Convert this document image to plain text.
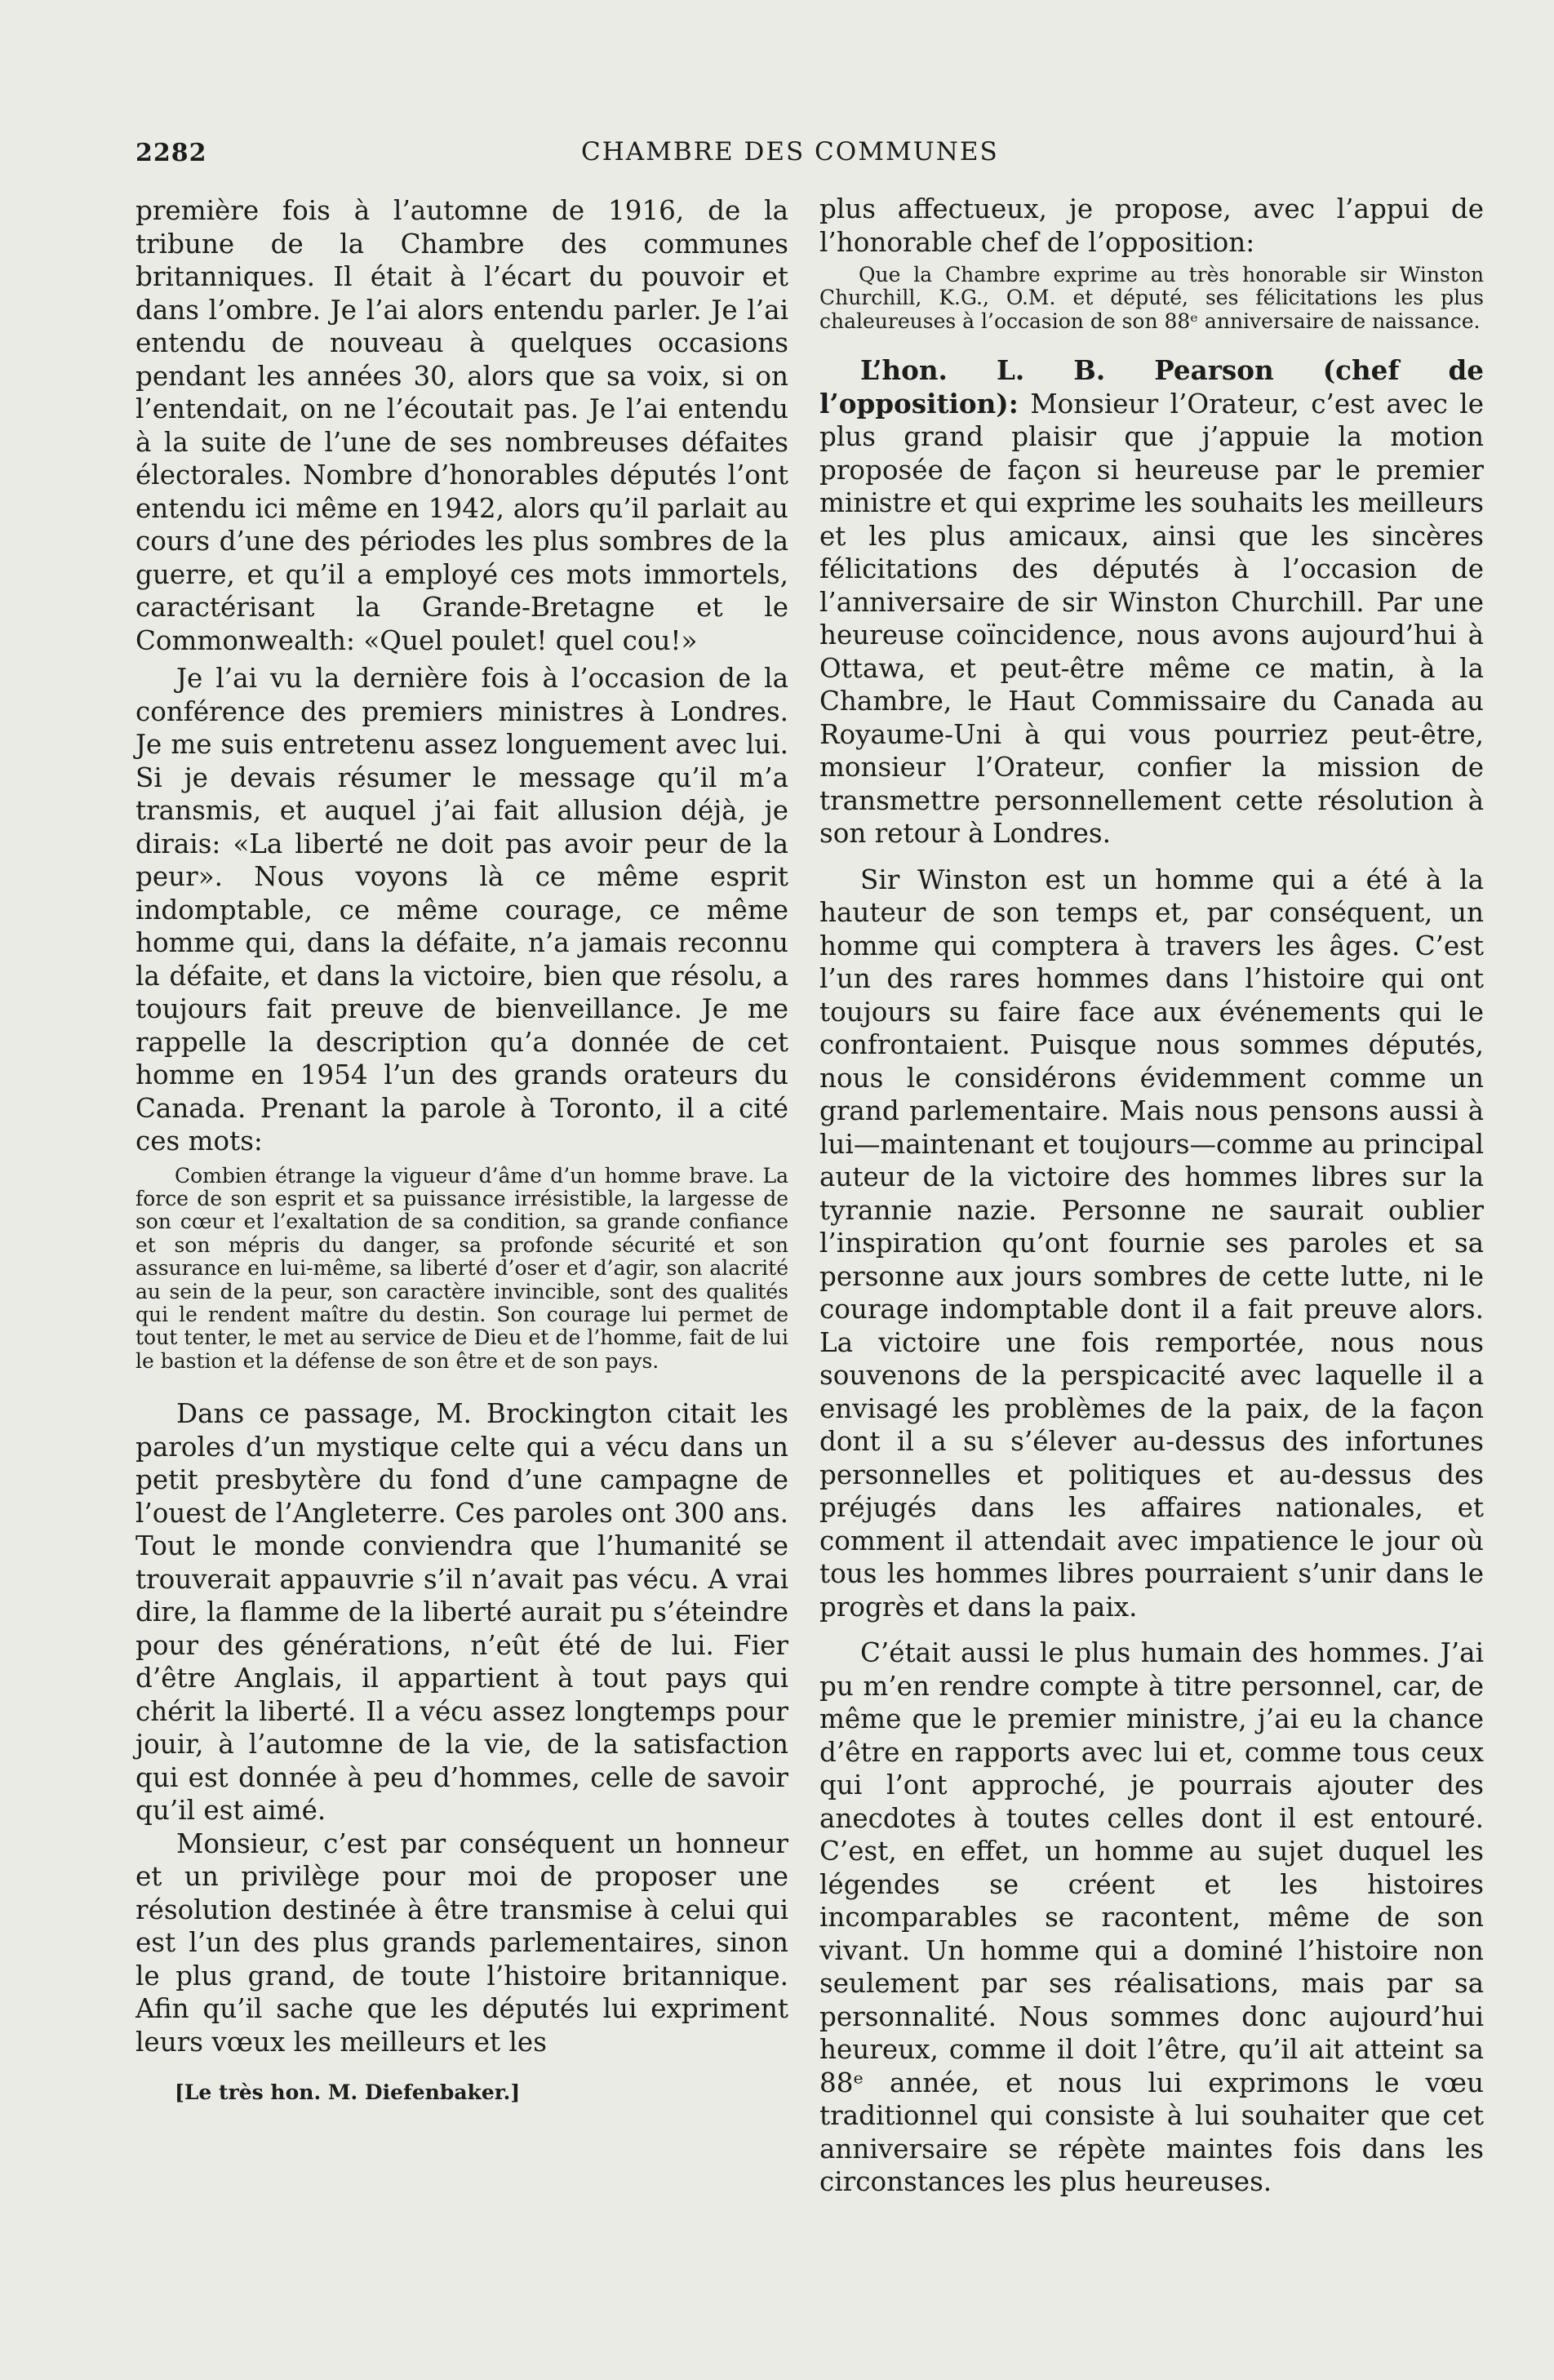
2282	CHAMBRE DES COMMUNES

première fois à l’automne de 1916, de la tribune de la Chambre des communes britanniques. Il était à l’écart du pouvoir et dans l’ombre. Je l’ai alors entendu parler. Je l’ai entendu de nouveau à quelques occasions pendant les années 30, alors que sa voix, si on l’entendait, on ne l’écoutait pas. Je l’ai entendu à la suite de l’une de ses nombreuses défaites électorales. Nombre d’honorables députés l’ont entendu ici même en 1942, alors qu’il parlait au cours d’une des périodes les plus sombres de la guerre, et qu’il a employé ces mots immortels, caractérisant la Grande-Bretagne et le Commonwealth: «Quel poulet! quel cou!»

Je l’ai vu la dernière fois à l’occasion de la conférence des premiers ministres à Londres. Je me suis entretenu assez longuement avec lui. Si je devais résumer le message qu’il m’a transmis, et auquel j’ai fait allusion déjà, je dirais: «La liberté ne doit pas avoir peur de la peur». Nous voyons là ce même esprit indomptable, ce même courage, ce même homme qui, dans la défaite, n’a jamais reconnu la défaite, et dans la victoire, bien que résolu, a toujours fait preuve de bienveillance. Je me rappelle la description qu’a donnée de cet homme en 1954 l’un des grands orateurs du Canada. Prenant la parole à Toronto, il a cité ces mots:

Combien étrange la vigueur d’âme d’un homme brave. La force de son esprit et sa puissance irrésistible, la largesse de son cœur et l’exaltation de sa condition, sa grande confiance et son mépris du danger, sa profonde sécurité et son assurance en lui-même, sa liberté d’oser et d’agir, son alacrité au sein de la peur, son caractère invincible, sont des qualités qui le rendent maître du destin. Son courage lui permet de tout tenter, le met au service de Dieu et de l’homme, fait de lui le bastion et la défense de son être et de son pays.

Dans ce passage, M. Brockington citait les paroles d’un mystique celte qui a vécu dans un petit presbytère du fond d’une campagne de l’ouest de l’Angleterre. Ces paroles ont 300 ans. Tout le monde conviendra que l’humanité se trouverait appauvrie s’il n’avait pas vécu. A vrai dire, la flamme de la liberté aurait pu s’éteindre pour des générations, n’eût été de lui. Fier d’être Anglais, il appartient à tout pays qui chérit la liberté. Il a vécu assez longtemps pour jouir, à l’automne de la vie, de la satisfaction qui est donnée à peu d’hommes, celle de savoir qu’il est aimé.

Monsieur, c’est par conséquent un honneur et un privilège pour moi de proposer une résolution destinée à être transmise à celui qui est l’un des plus grands parlementaires, sinon le plus grand, de toute l’histoire britannique. Afin qu’il sache que les députés lui expriment leurs vœux les meilleurs et les

[Le très hon. M. Diefenbaker.]

plus affectueux, je propose, avec l’appui de l’honorable chef de l’opposition:

Que la Chambre exprime au très honorable sir Winston Churchill, K.G., O.M. et député, ses félicitations les plus chaleureuses à l’occasion de son 88ᵉ anniversaire de naissance.

L’hon. L. B. Pearson (chef de l’opposition): Monsieur l’Orateur, c’est avec le plus grand plaisir que j’appuie la motion proposée de façon si heureuse par le premier ministre et qui exprime les souhaits les meilleurs et les plus amicaux, ainsi que les sincères félicitations des députés à l’occasion de l’anniversaire de sir Winston Churchill. Par une heureuse coïncidence, nous avons aujourd’hui à Ottawa, et peut-être même ce matin, à la Chambre, le Haut Commissaire du Canada au Royaume-Uni à qui vous pourriez peut-être, monsieur l’Orateur, confier la mission de transmettre personnellement cette résolution à son retour à Londres.

Sir Winston est un homme qui a été à la hauteur de son temps et, par conséquent, un homme qui comptera à travers les âges. C’est l’un des rares hommes dans l’histoire qui ont toujours su faire face aux événements qui le confrontaient. Puisque nous sommes députés, nous le considérons évidemment comme un grand parlementaire. Mais nous pensons aussi à lui—maintenant et toujours—comme au principal auteur de la victoire des hommes libres sur la tyrannie nazie. Personne ne saurait oublier l’inspiration qu’ont fournie ses paroles et sa personne aux jours sombres de cette lutte, ni le courage indomptable dont il a fait preuve alors. La victoire une fois remportée, nous nous souvenons de la perspicacité avec laquelle il a envisagé les problèmes de la paix, de la façon dont il a su s’élever au-dessus des infortunes personnelles et politiques et au-dessus des préjugés dans les affaires nationales, et comment il attendait avec impatience le jour où tous les hommes libres pourraient s’unir dans le progrès et dans la paix.

C’était aussi le plus humain des hommes. J’ai pu m’en rendre compte à titre personnel, car, de même que le premier ministre, j’ai eu la chance d’être en rapports avec lui et, comme tous ceux qui l’ont approché, je pourrais ajouter des anecdotes à toutes celles dont il est entouré. C’est, en effet, un homme au sujet duquel les légendes se créent et les histoires incomparables se racontent, même de son vivant. Un homme qui a dominé l’histoire non seulement par ses réalisations, mais par sa personnalité. Nous sommes donc aujourd’hui heureux, comme il doit l’être, qu’il ait atteint sa 88ᵉ année, et nous lui exprimons le vœu traditionnel qui consiste à lui souhaiter que cet anniversaire se répète maintes fois dans les circonstances les plus heureuses.
